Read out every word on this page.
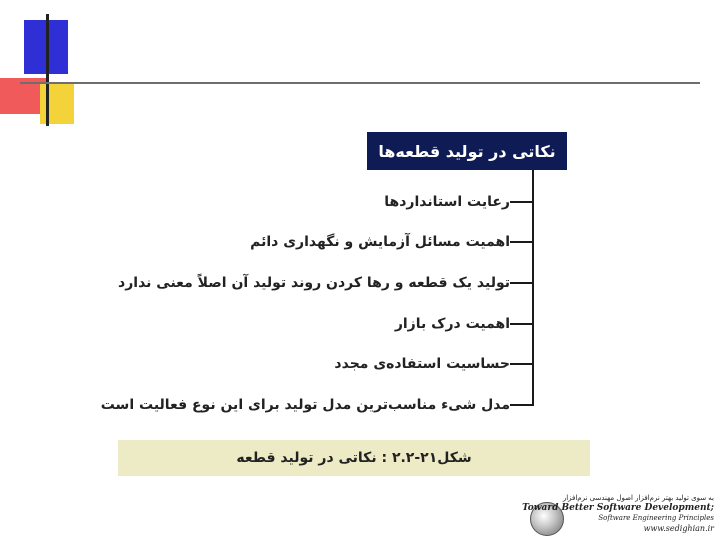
نکاتی در تولید قطعه‌ها
رعایت استانداردها
اهمیت مسائل آزمایش و نگهداری دائم
تولید یک قطعه و رها کردن روند تولید آن اصلاً معنی ندارد
اهمیت درک بازار
حساسیت استفاده‌ی مجدد
مدل شیء مناسب‌ترین مدل تولید برای این نوع فعالیت است
شکل۲۱-۲.۲ : نکاتی در تولید قطعه
به سوی تولید بهتر نرم‌افزار اصول مهندسی نرم‌افزار
Toward Better Software Development;
Software Engineering Principles
www.sedighian.ir
